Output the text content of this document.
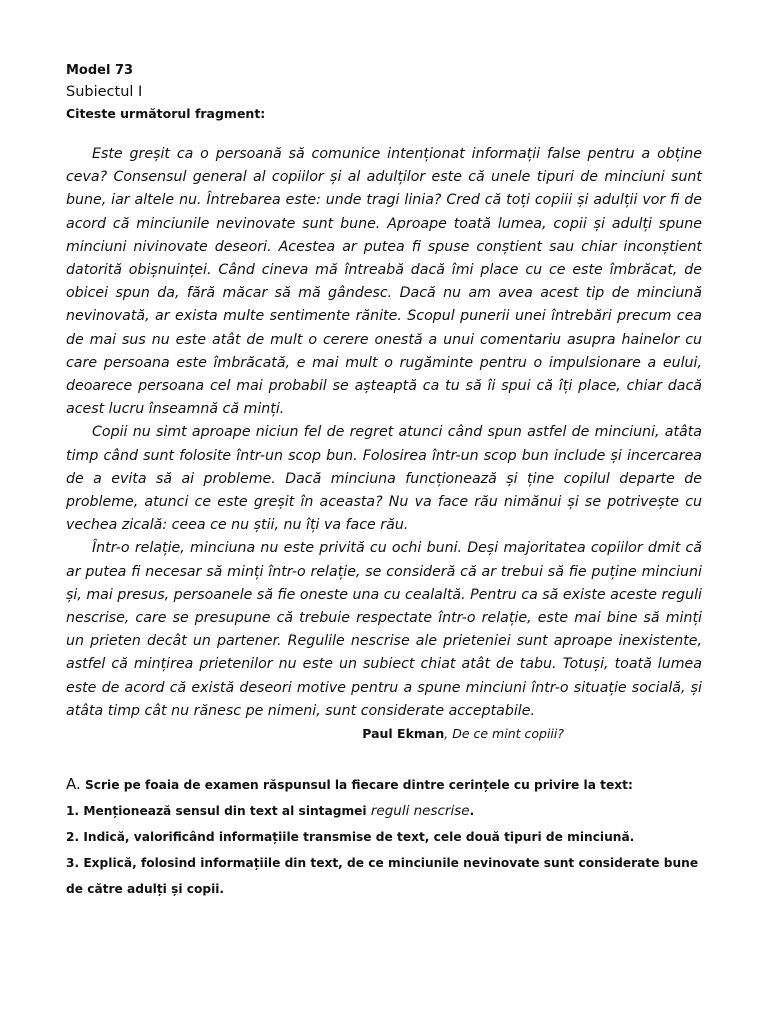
Model 73

Subiectul I

Citeste următorul fragment:

Este greșit ca o persoană să comunice intenționat informații false pentru a obține ceva? Consensul general al copiilor și al adulților este că unele tipuri de minciuni sunt bune, iar altele nu. Întrebarea este: unde tragi linia? Cred că toți copiii și adulții vor fi de acord că minciunile nevinovate sunt bune. Aproape toată lumea, copii și adulți spune minciuni nivinovate deseori. Acestea ar putea fi spuse conștient sau chiar inconștient datorită obișnuinței. Când cineva mă întreabă dacă îmi place cu ce este îmbrăcat, de obicei spun da, fără măcar să mă gândesc. Dacă nu am avea acest tip de minciună nevinovată, ar exista multe sentimente rănite. Scopul punerii unei întrebări precum cea de mai sus nu este atât de mult o cerere onestă a unui comentariu asupra hainelor cu care persoana este îmbrăcată, e mai mult o rugăminte pentru o impulsionare a eului, deoarece persoana cel mai probabil se așteaptă ca tu să îi spui că îți place, chiar dacă acest lucru înseamnă că minți.

Copii nu simt aproape niciun fel de regret atunci când spun astfel de minciuni, atâta timp când sunt folosite într-un scop bun. Folosirea într-un scop bun include și incercarea de a evita să ai probleme. Dacă minciuna funcționează și ține copilul departe de probleme, atunci ce este greșit în aceasta? Nu va face rău nimănui și se potrivește cu vechea zicală: ceea ce nu știi, nu îți va face rău.

Într-o relație, minciuna nu este privită cu ochi buni. Deși majoritatea copiilor dmit că ar putea fi necesar să minți într-o relație, se consideră că ar trebui să fie puține minciuni și, mai presus, persoanele să fie oneste una cu cealaltă. Pentru ca să existe aceste reguli nescrise, care se presupune că trebuie respectate într-o relație, este mai bine să minți un prieten decât un partener. Regulile nescrise ale prieteniei sunt aproape inexistente, astfel că mințirea prietenilor nu este un subiect chiat atât de tabu. Totuși, toată lumea este de acord că există deseori motive pentru a spune minciuni într-o situație socială, și atâta timp cât nu rănesc pe nimeni, sunt considerate acceptabile.

Paul Ekman, De ce mint copiii?

A. Scrie pe foaia de examen răspunsul la fiecare dintre cerințele cu privire la text:

1. Menționează sensul din text al sintagmei reguli nescrise.

2. Indică, valorificând informațiile transmise de text, cele două tipuri de minciună.

3. Explică, folosind informațiile din text, de ce minciunile nevinovate sunt considerate bune de către adulți și copii.
